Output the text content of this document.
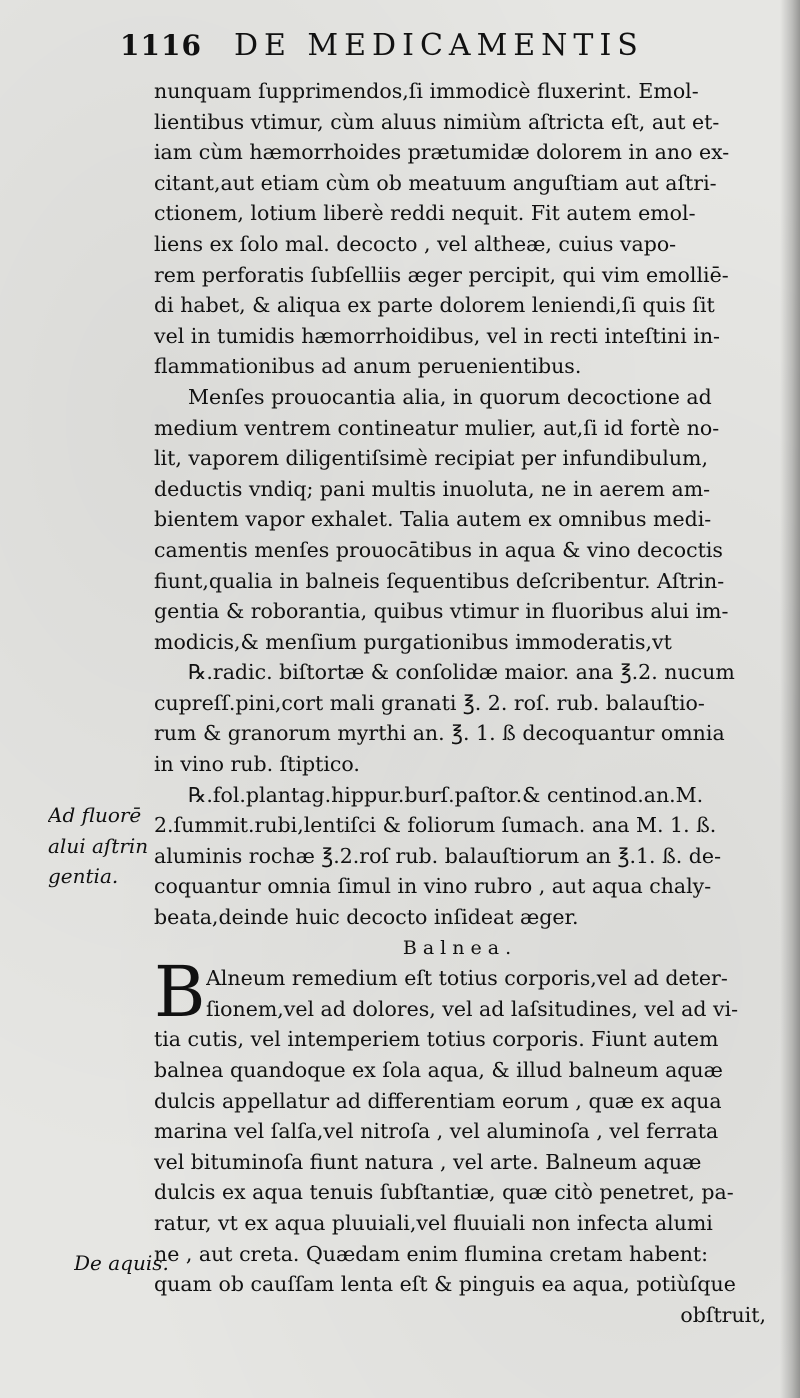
1116 DE MEDICAMENTIS
nunquam ſupprimendos,ſi immodicè fluxerint. Emol-
lientibus vtimur, cùm aluus nimiùm aſtricta eſt, aut et-
iam cùm hæmorrhoides prætumidæ dolorem in ano ex-
citant,aut etiam cùm ob meatuum anguſtiam aut aſtri-
ctionem, lotium liberè reddi nequit. Fit autem emol-
liens ex ſolo mal. decocto , vel altheæ, cuius vapo-
rem perforatis ſubſelliis æger percipit, qui vim emolliē-
di habet, & aliqua ex parte dolorem leniendi,ſi quis ſit
vel in tumidis hæmorrhoidibus, vel in recti inteſtini in-
flammationibus ad anum peruenientibus.
Menſes prouocantia alia, in quorum decoctione ad
medium ventrem contineatur mulier, aut,ſi id fortè no-
lit, vaporem diligentiſsimè recipiat per infundibulum,
deductis vndiq; pani multis inuoluta, ne in aerem am-
bientem vapor exhalet. Talia autem ex omnibus medi-
camentis menſes prouocātibus in aqua & vino decoctis
fiunt,qualia in balneis ſequentibus deſcribentur. Aſtrin-
gentia & roborantia, quibus vtimur in fluoribus alui im-
modicis,& menſium purgationibus immoderatis,vt
℞.radic. biſtortæ & conſolidæ maior. ana ℥.2. nucum
cupreſſ.pini,cort mali granati ℥. 2. roſ. rub. balauſtio-
rum & granorum myrthi an. ℥. 1. ß decoquantur omnia
in vino rub. ſtiptico.
℞.fol.plantag.hippur.burſ.paſtor.& centinod.an.M.
2.ſummit.rubi,lentiſci & foliorum ſumach. ana M. 1. ß.
aluminis rochæ ℥.2.roſ rub. balauſtiorum an ℥.1. ß. de-
coquantur omnia ſimul in vino rubro , aut aqua chaly-
beata,deinde huic decocto inſideat æger.
Balnea.
B Alneum remedium eſt totius corporis,vel ad deter-
ſionem,vel ad dolores, vel ad laſsitudines, vel ad vi-
tia cutis, vel intemperiem totius corporis. Fiunt autem
balnea quandoque ex ſola aqua, & illud balneum aquæ
dulcis appellatur ad differentiam eorum , quæ ex aqua
marina vel ſalſa,vel nitroſa , vel aluminoſa , vel ferrata
vel bituminoſa fiunt natura , vel arte. Balneum aquæ
dulcis ex aqua tenuis ſubſtantiæ, quæ citò penetret, pa-
ratur, vt ex aqua pluuiali,vel fluuiali non infecta alumi
ne , aut creta. Quædam enim flumina cretam habent:
quam ob cauſſam lenta eſt & pinguis ea aqua, potiùſque
obſtruit,
Ad fluorē
alui aſtrin
gentia.
De aquis.
